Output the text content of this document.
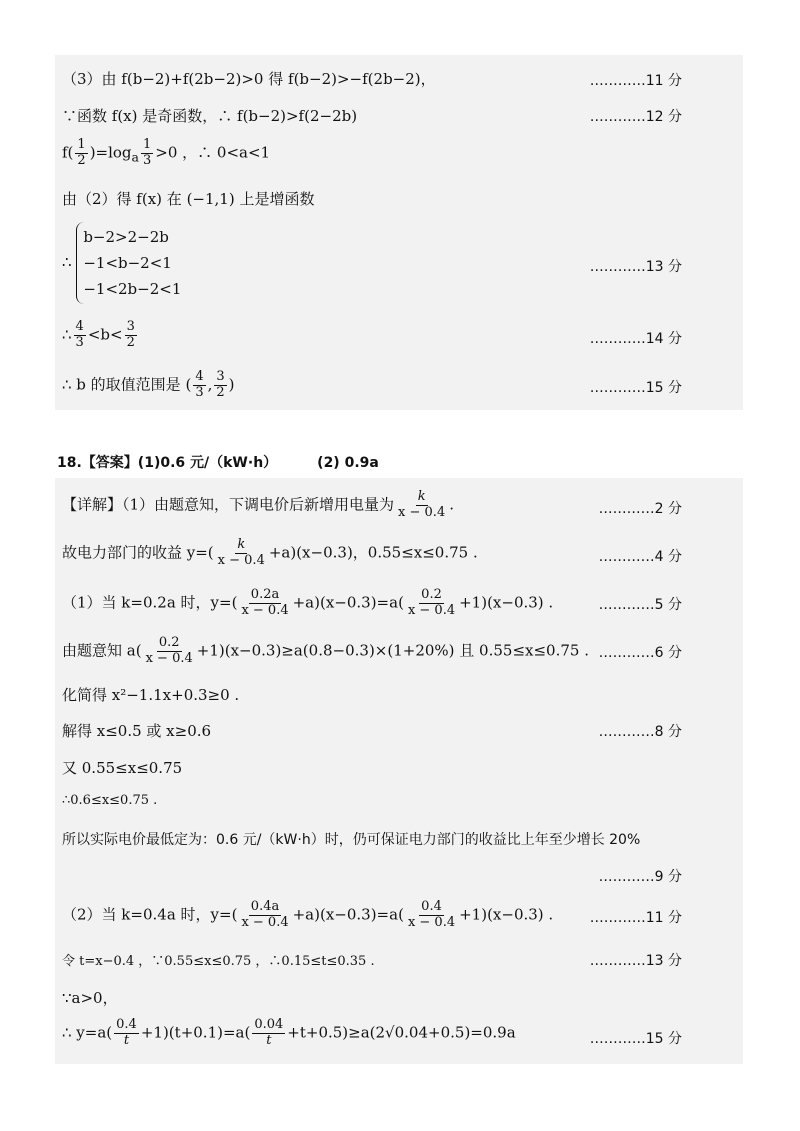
（3）由 f(b−2)+f(2b−2)>0 得 f(b−2)>−f(2b−2)，	…………11 分
∵函数 f(x) 是奇函数，∴ f(b−2)>f(2−2b)	…………12 分
$f( \frac{1}{2} )=\log_a \frac{1}{3} >0$ ，∴ 0<a<1
由（2）得 f(x) 在 (−1,1) 上是增函数
∴
b−2>2−2b
−1<b−2<1
−1<2b−2<1
…………13 分
∴ $\frac{4}{3} <b< \frac{3}{2}$	…………14 分
∴ b 的取值范围是 ( $\frac{4}{3}$ , $\frac{3}{2}$ )	…………15 分
18.【答案】(1)0.6 元/（kW·h）	(2) 0.9a
【详解】（1）由题意知，下调电价后新增用电量为 $\frac{k}{x - 0.4}$ .	…………2 分
故电力部门的收益 $y=( \frac{k}{x - 0.4} +a)(x-0.3)$，0.55≤x≤0.75 .	…………4 分
（1）当 k=0.2a 时，$y=( \frac{0.2a}{x - 0.4} +a)(x-0.3)=a( \frac{0.2}{x - 0.4} +1)(x-0.3)$ .	…………5 分
由题意知 $a( \frac{0.2}{x - 0.4} +1)(x-0.3)\ge a(0.8-0.3)\times(1+20\%)$ 且 0.55≤x≤0.75 . …………6 分
化简得 x²−1.1x+0.3≥0 .
解得 x≤0.5 或 x≥0.6	…………8 分
又 0.55≤x≤0.75
∴0.6≤x≤0.75 .
所以实际电价最低定为：0.6 元/（kW·h）时，仍可保证电力部门的收益比上年至少增长 20%
…………9 分
（2）当 k=0.4a 时，$y=( \frac{0.4a}{x - 0.4} +a)(x-0.3)=a( \frac{0.4}{x - 0.4} +1)(x-0.3)$ .	…………11 分
令 t=x−0.4 ，∵0.55≤x≤0.75 ，∴0.15≤t≤0.35 .	…………13 分
∵a>0，
∴ $y=a( \frac{0.4}{t} +1)(t+0.1)=a( \frac{0.04}{t} +t+0.5)\ge a(2√0.04+0.5)=0.9a$	…………15 分
